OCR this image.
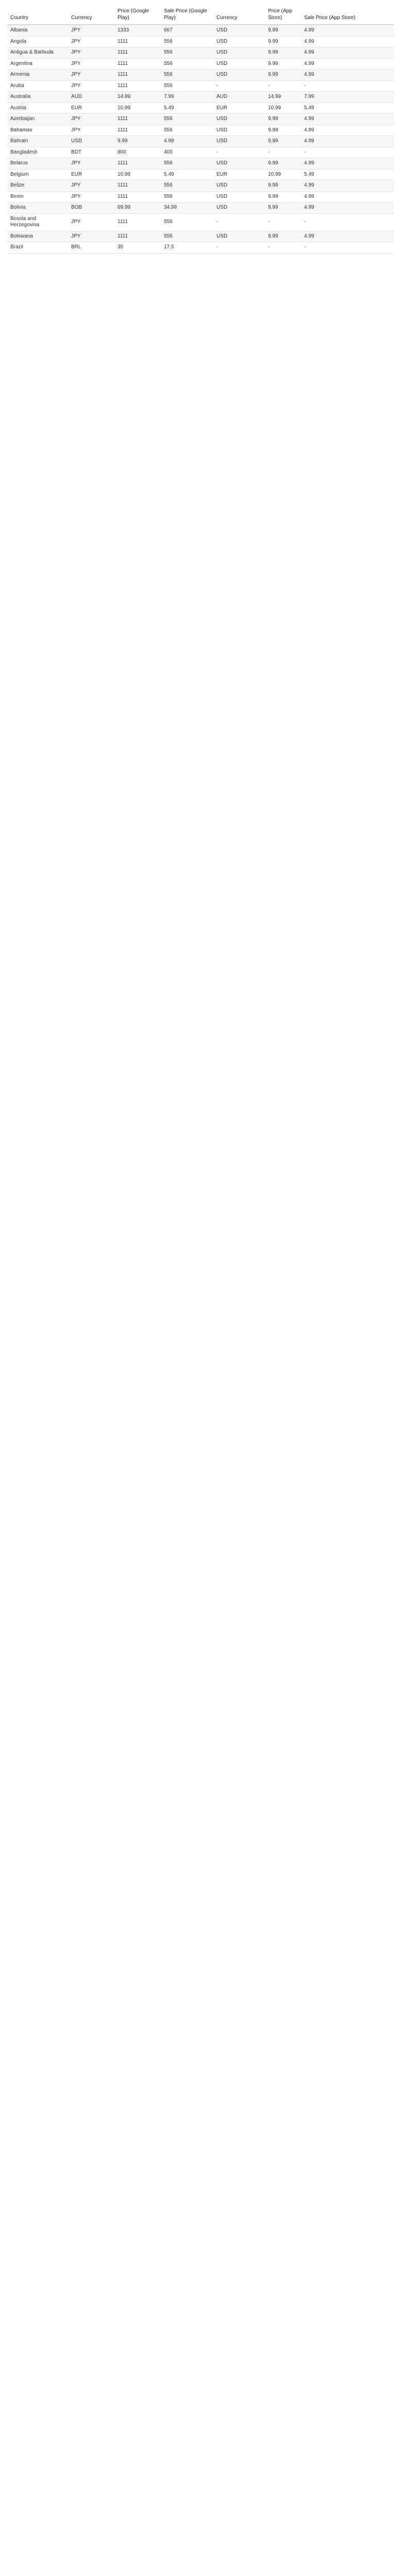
Country	Currency	Price (Google Play)	Sale Price (Google Play)	Currency	Price (App Store)	Sale Price (App Store)
Albania	JPY	1333	667	USD	9.99	4.99
Angola	JPY	1111	556	USD	9.99	4.99
Antigua & Barbuda	JPY	1111	556	USD	9.99	4.99
Argentina	JPY	1111	556	USD	9.99	4.99
Armenia	JPY	1111	556	USD	9.99	4.99
Aruba	JPY	1111	556	-	-	-
Australia	AUD	14.99	7.99	AUD	14.99	7.99
Austria	EUR	10.99	5.49	EUR	10.99	5.49
Azerbaijan	JPY	1111	556	USD	9.99	4.99
Bahamas	JPY	1111	556	USD	9.99	4.99
Bahrain	USD	9.99	4.99	USD	9.99	4.99
Bangladesh	BDT	800	400	-	-	-
Belarus	JPY	1111	556	USD	9.99	4.99
Belgium	EUR	10.99	5.49	EUR	10.99	5.49
Belize	JPY	1111	556	USD	9.99	4.99
Benin	JPY	1111	556	USD	9.99	4.99
Bolivia	BOB	69.99	34.99	USD	9.99	4.99
Bosnia and Herzegovina	JPY	1111	556	-	-	-
Botswana	JPY	1111	556	USD	9.99	4.99
Brazil	BRL	35	17.5	-	-	-
